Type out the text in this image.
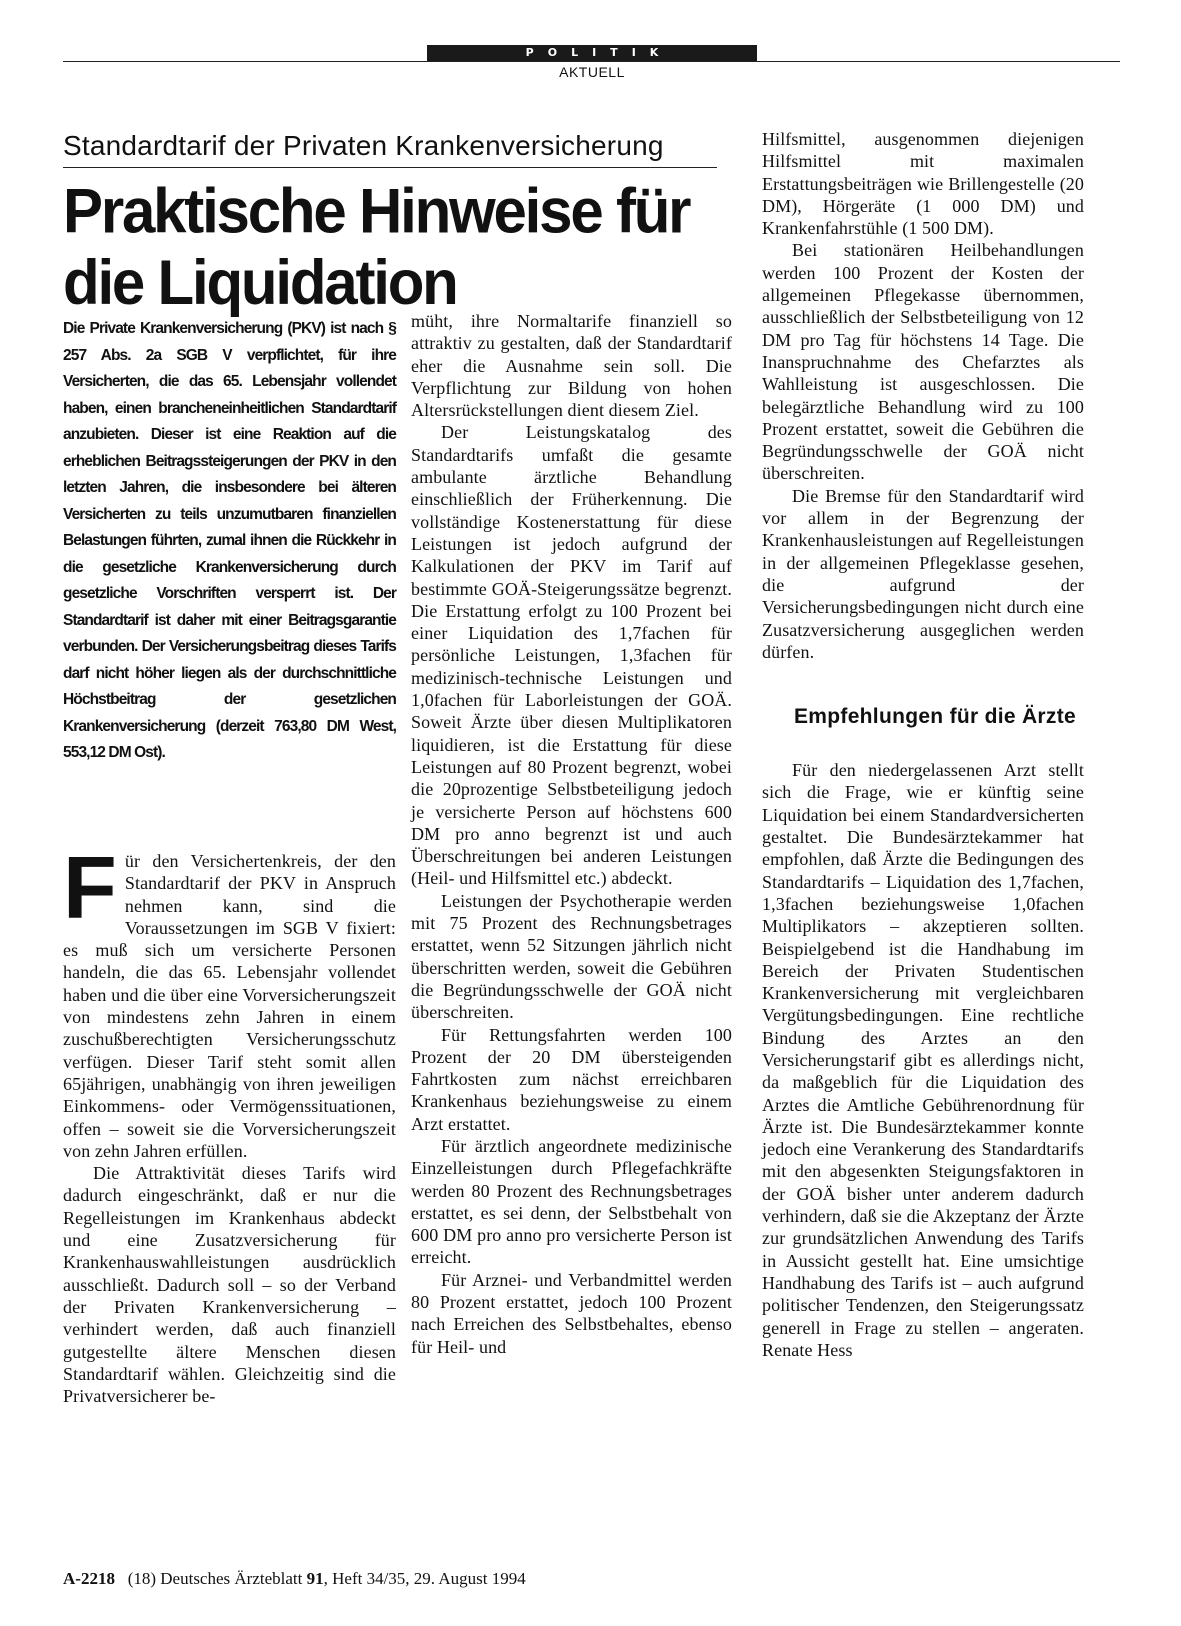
POLITIK
AKTUELL
Standardtarif der Privaten Krankenversicherung
Praktische Hinweise für die Liquidation
Die Private Krankenversicherung (PKV) ist nach § 257 Abs. 2a SGB V verpflichtet, für ihre Versicherten, die das 65. Lebensjahr vollendet haben, einen brancheneinheitlichen Standardtarif anzubieten. Dieser ist eine Reaktion auf die erheblichen Beitragssteigerungen der PKV in den letzten Jahren, die insbesondere bei älteren Versicherten zu teils unzumutbaren finanziellen Belastungen führten, zumal ihnen die Rückkehr in die gesetzliche Krankenversicherung durch gesetzliche Vorschriften versperrt ist. Der Standardtarif ist daher mit einer Beitragsgarantie verbunden. Der Versicherungsbeitrag dieses Tarifs darf nicht höher liegen als der durchschnittliche Höchstbeitrag der gesetzlichen Krankenversicherung (derzeit 763,80 DM West, 553,12 DM Ost).

Für den Versichertenkreis, der den Standardtarif der PKV in Anspruch nehmen kann, sind die Voraussetzungen im SGB V fixiert: es muß sich um versicherte Personen handeln, die das 65. Lebensjahr vollendet haben und die über eine Vorversicherungszeit von mindestens zehn Jahren in einem zuschußberechtigten Versicherungsschutz verfügen. Dieser Tarif steht somit allen 65jährigen, unabhängig von ihren jeweiligen Einkommens- oder Vermögenssituationen, offen – soweit sie die Vorversicherungszeit von zehn Jahren erfüllen.

Die Attraktivität dieses Tarifs wird dadurch eingeschränkt, daß er nur die Regelleistungen im Krankenhaus abdeckt und eine Zusatzversicherung für Krankenhauswahlleistungen ausdrücklich ausschließt. Dadurch soll – so der Verband der Privaten Krankenversicherung – verhindert werden, daß auch finanziell gutgestellte ältere Menschen diesen Standardtarif wählen. Gleichzeitig sind die Privatversicherer be-

müht, ihre Normaltarife finanziell so attraktiv zu gestalten, daß der Standardtarif eher die Ausnahme sein soll. Die Verpflichtung zur Bildung von hohen Altersrückstellungen dient diesem Ziel.

Der Leistungskatalog des Standardtarifs umfaßt die gesamte ambulante ärztliche Behandlung einschließlich der Früherkennung. Die vollständige Kostenerstattung für diese Leistungen ist jedoch aufgrund der Kalkulationen der PKV im Tarif auf bestimmte GOÄ-Steigerungssätze begrenzt. Die Erstattung erfolgt zu 100 Prozent bei einer Liquidation des 1,7fachen für persönliche Leistungen, 1,3fachen für medizinisch-technische Leistungen und 1,0fachen für Laborleistungen der GOÄ. Soweit Ärzte über diesen Multiplikatoren liquidieren, ist die Erstattung für diese Leistungen auf 80 Prozent begrenzt, wobei die 20prozentige Selbstbeteiligung jedoch je versicherte Person auf höchstens 600 DM pro anno begrenzt ist und auch Überschreitungen bei anderen Leistungen (Heil- und Hilfsmittel etc.) abdeckt.

Leistungen der Psychotherapie werden mit 75 Prozent des Rechnungsbetrages erstattet, wenn 52 Sitzungen jährlich nicht überschritten werden, soweit die Gebühren die Begründungsschwelle der GOÄ nicht überschreiten.

Für Rettungsfahrten werden 100 Prozent der 20 DM übersteigenden Fahrtkosten zum nächst erreichbaren Krankenhaus beziehungsweise zu einem Arzt erstattet.

Für ärztlich angeordnete medizinische Einzelleistungen durch Pflegefachkräfte werden 80 Prozent des Rechnungsbetrages erstattet, es sei denn, der Selbstbehalt von 600 DM pro anno pro versicherte Person ist erreicht.

Für Arznei- und Verbandmittel werden 80 Prozent erstattet, jedoch 100 Prozent nach Erreichen des Selbstbehaltes, ebenso für Heil- und

Hilfsmittel, ausgenommen diejenigen Hilfsmittel mit maximalen Erstattungsbeiträgen wie Brillengestelle (20 DM), Hörgeräte (1 000 DM) und Krankenfahrstühle (1 500 DM).

Bei stationären Heilbehandlungen werden 100 Prozent der Kosten der allgemeinen Pflegekasse übernommen, ausschließlich der Selbstbeteiligung von 12 DM pro Tag für höchstens 14 Tage. Die Inanspruchnahme des Chefarztes als Wahlleistung ist ausgeschlossen. Die belegärztliche Behandlung wird zu 100 Prozent erstattet, soweit die Gebühren die Begründungsschwelle der GOÄ nicht überschreiten.

Die Bremse für den Standardtarif wird vor allem in der Begrenzung der Krankenhausleistungen auf Regelleistungen in der allgemeinen Pflegeklasse gesehen, die aufgrund der Versicherungsbedingungen nicht durch eine Zusatzversicherung ausgeglichen werden dürfen.

Empfehlungen für die Ärzte

Für den niedergelassenen Arzt stellt sich die Frage, wie er künftig seine Liquidation bei einem Standardversicherten gestaltet. Die Bundesärztekammer hat empfohlen, daß Ärzte die Bedingungen des Standardtarifs – Liquidation des 1,7fachen, 1,3fachen beziehungsweise 1,0fachen Multiplikators – akzeptieren sollten. Beispielgebend ist die Handhabung im Bereich der Privaten Studentischen Krankenversicherung mit vergleichbaren Vergütungsbedingungen. Eine rechtliche Bindung des Arztes an den Versicherungstarif gibt es allerdings nicht, da maßgeblich für die Liquidation des Arztes die Amtliche Gebührenordnung für Ärzte ist. Die Bundesärztekammer konnte jedoch eine Verankerung des Standardtarifs mit den abgesenkten Steigungsfaktoren in der GOÄ bisher unter anderem dadurch verhindern, daß sie die Akzeptanz der Ärzte zur grundsätzlichen Anwendung des Tarifs in Aussicht gestellt hat. Eine umsichtige Handhabung des Tarifs ist – auch aufgrund politischer Tendenzen, den Steigerungssatz generell in Frage zu stellen – angeraten. Renate Hess

A-2218 (18) Deutsches Ärzteblatt 91, Heft 34/35, 29. August 1994
